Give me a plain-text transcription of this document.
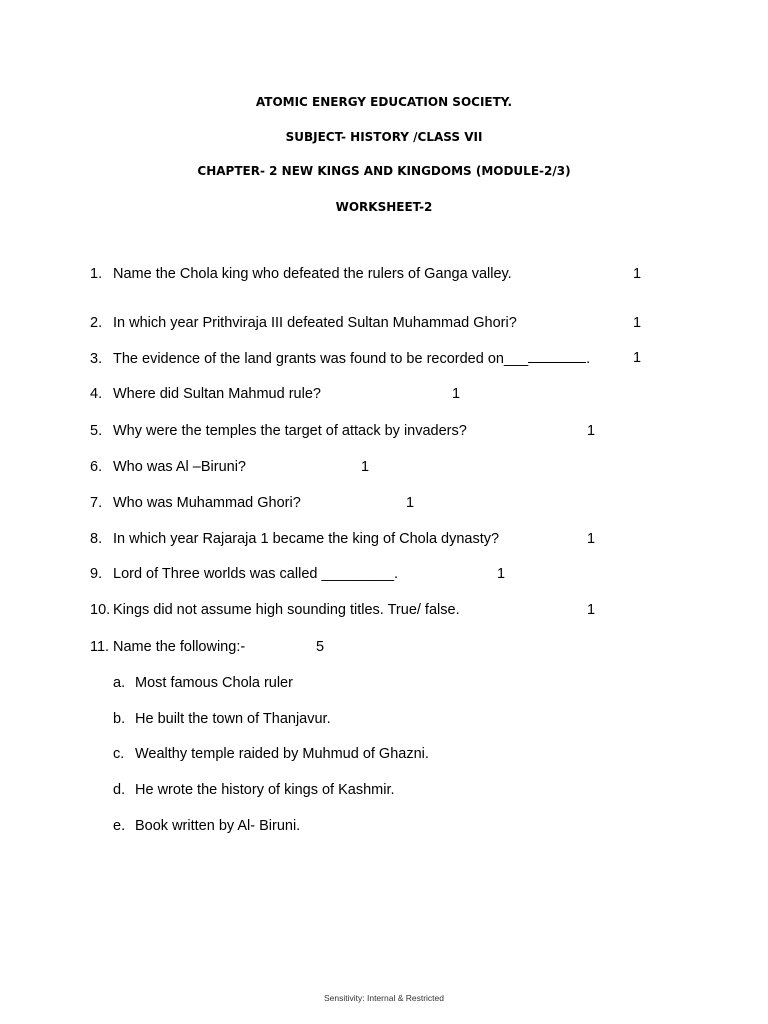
ATOMIC ENERGY EDUCATION SOCIETY.
SUBJECT- HISTORY /CLASS VII
CHAPTER- 2 NEW KINGS AND KINGDOMS (MODULE-2/3)
WORKSHEET-2
1. Name the Chola king who defeated the rulers of Ganga valley.	1
2. In which year Prithviraja III defeated Sultan Muhammad Ghori?	1
3. The evidence of the land grants was found to be recorded on___	.	1
4. Where did Sultan Mahmud rule?	1
5. Why were the temples the target of attack by invaders?	1
6. Who was Al –Biruni?	1
7. Who was Muhammad Ghori?	1
8. In which year Rajaraja 1 became the king of Chola dynasty?	1
9. Lord of Three worlds was called _________.	1
10. Kings did not assume high sounding titles. True/ false.	1
11. Name the following:-	5
a. Most famous Chola ruler
b. He built the town of Thanjavur.
c. Wealthy temple raided by Muhmud of Ghazni.
d. He wrote the history of kings of Kashmir.
e. Book written by Al- Biruni.
Sensitivity: Internal & Restricted
